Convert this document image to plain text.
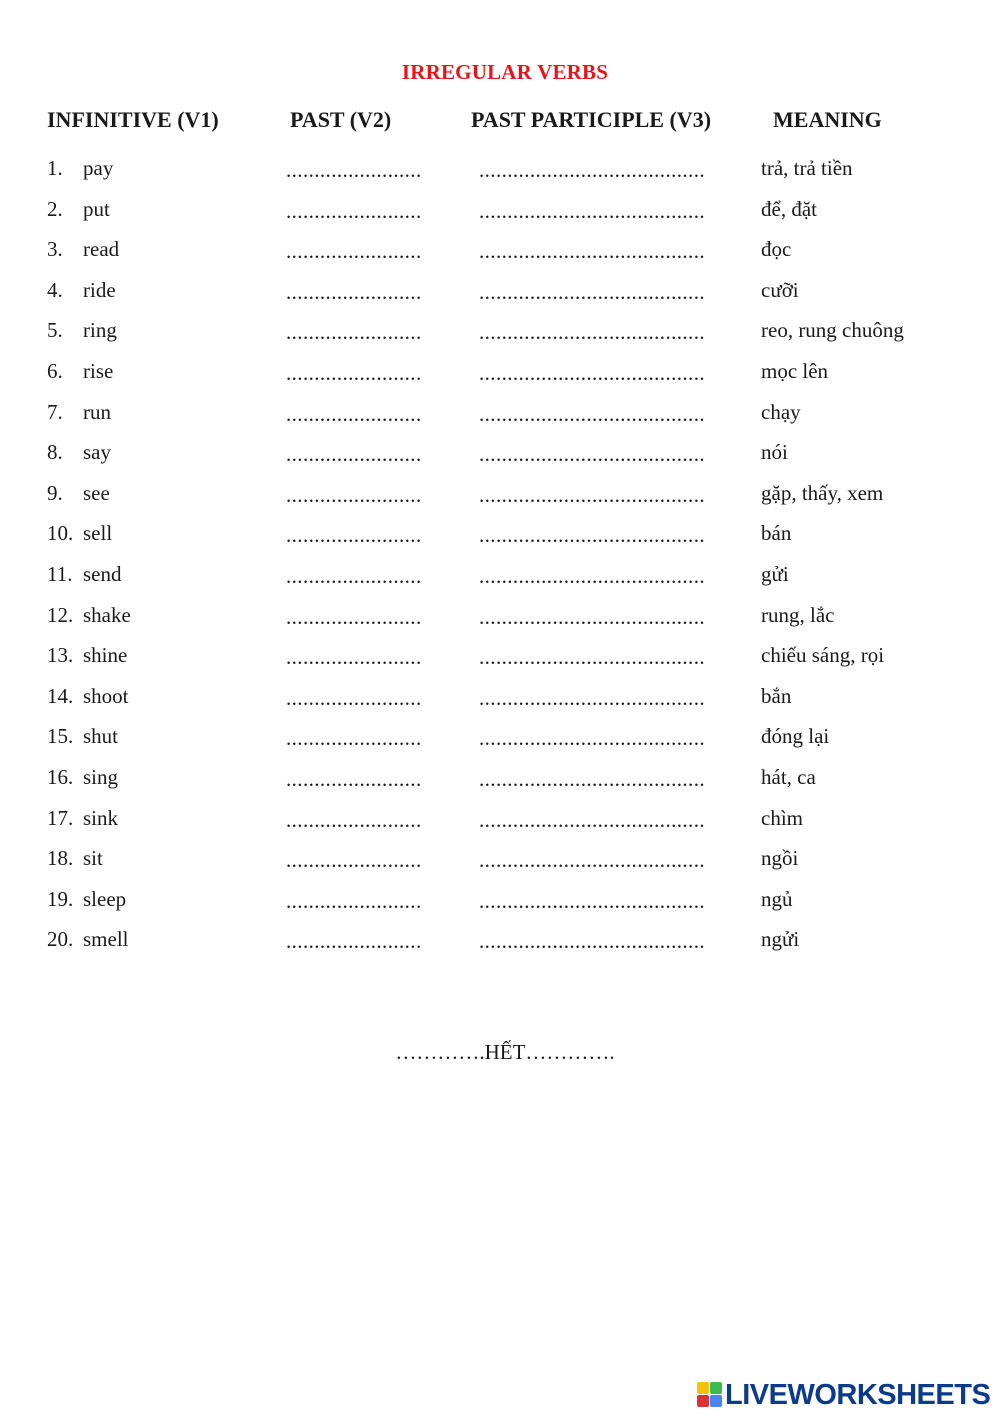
IRREGULAR VERBS
INFINITIVE (V1)	PAST (V2)	PAST PARTICIPLE (V3)	MEANING
1. pay	........................	........................................	trả, trả tiền
2. put	........................	........................................	để, đặt
3. read	........................	........................................	đọc
4. ride	........................	........................................	cưỡi
5. ring	........................	........................................	reo, rung chuông
6. rise	........................	........................................	mọc lên
7. run	........................	........................................	chạy
8. say	........................	........................................	nói
9. see	........................	........................................	gặp, thấy, xem
10. sell	........................	........................................	bán
11. send	........................	........................................	gửi
12. shake	........................	........................................	rung, lắc
13. shine	........................	........................................	chiếu sáng, rọi
14. shoot	........................	........................................	bắn
15. shut	........................	........................................	đóng lại
16. sing	........................	........................................	hát, ca
17. sink	........................	........................................	chìm
18. sit	........................	........................................	ngồi
19. sleep	........................	........................................	ngủ
20. smell	........................	........................................	ngửi
………….HẾT………….
LIVEWORKSHEETS
